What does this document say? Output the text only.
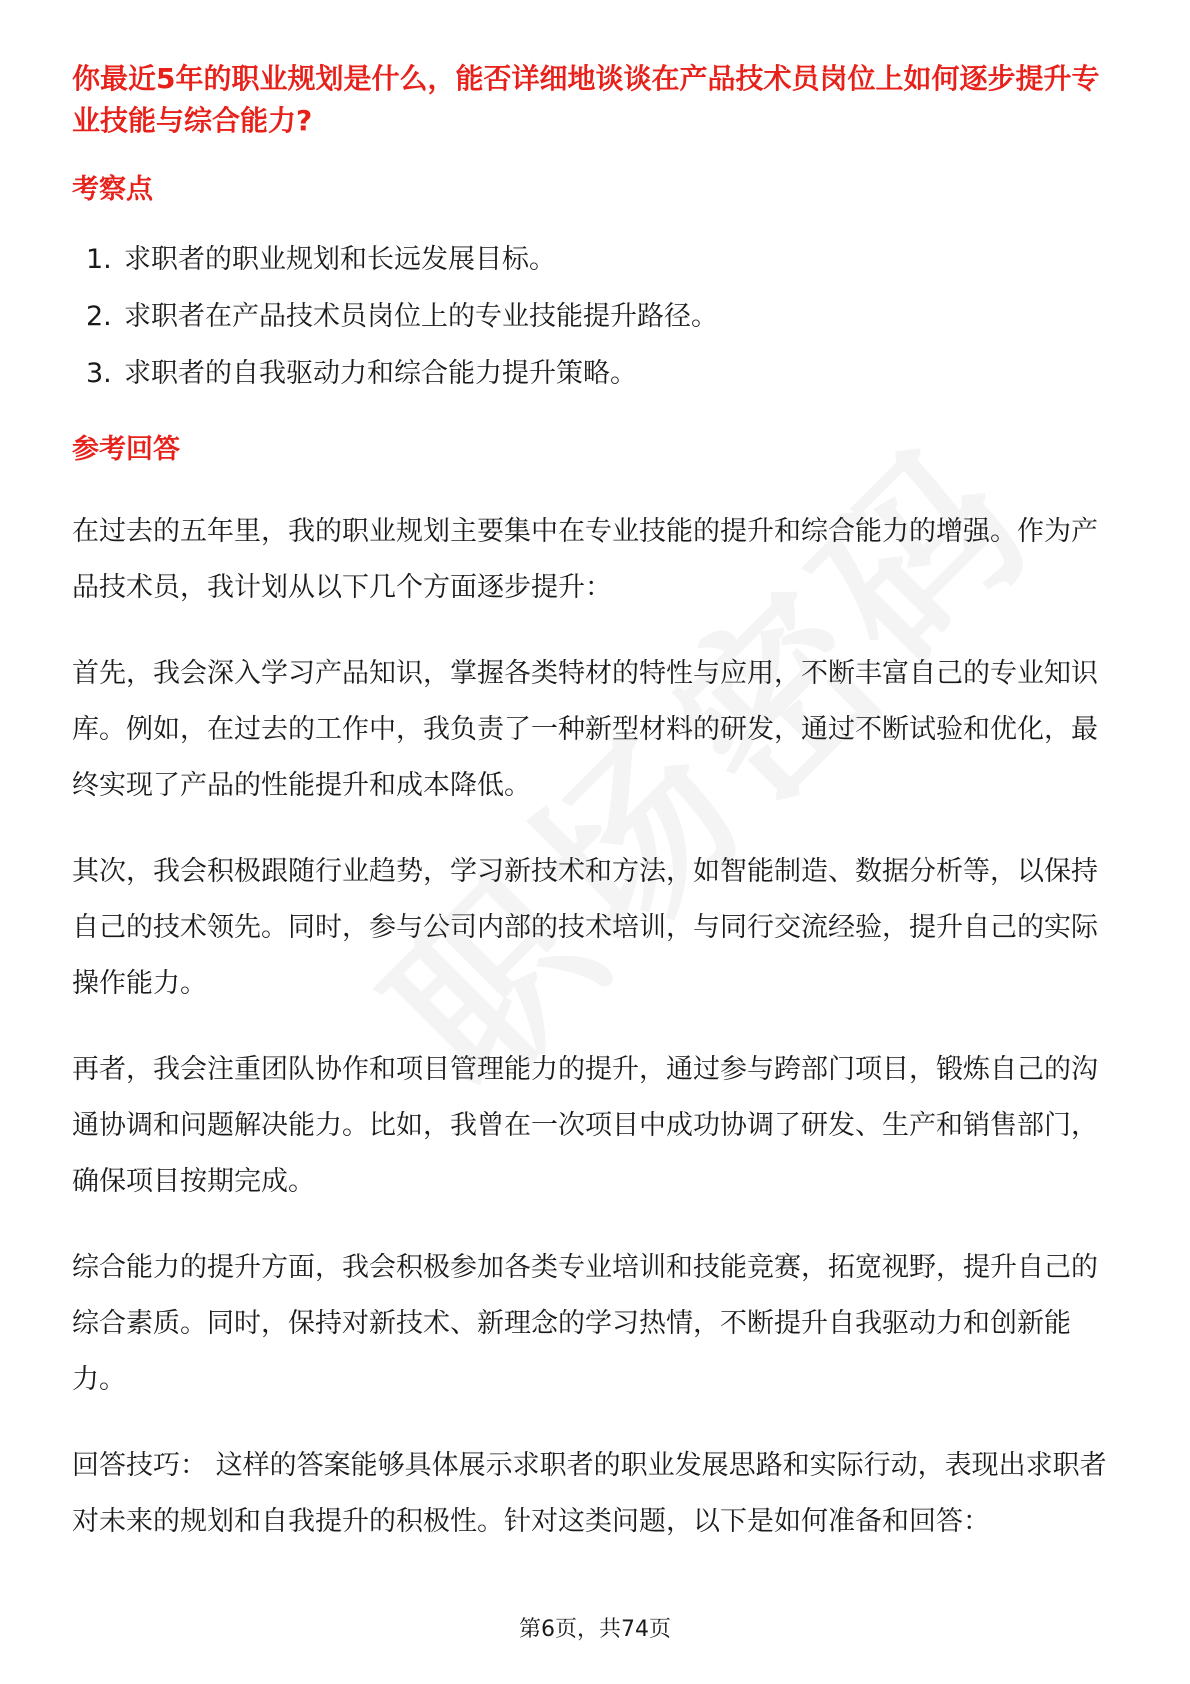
你最近5年的职业规划是什么，能否详细地谈谈在产品技术员岗位上如何逐步提升专业技能与综合能力?

考察点

1. 求职者的职业规划和长远发展目标。
2. 求职者在产品技术员岗位上的专业技能提升路径。
3. 求职者的自我驱动力和综合能力提升策略。

参考回答

在过去的五年里，我的职业规划主要集中在专业技能的提升和综合能力的增强。作为产品技术员，我计划从以下几个方面逐步提升：

首先，我会深入学习产品知识，掌握各类特材的特性与应用，不断丰富自己的专业知识库。例如，在过去的工作中，我负责了一种新型材料的研发，通过不断试验和优化，最终实现了产品的性能提升和成本降低。

其次，我会积极跟随行业趋势，学习新技术和方法，如智能制造、数据分析等，以保持自己的技术领先。同时，参与公司内部的技术培训，与同行交流经验，提升自己的实际操作能力。

再者，我会注重团队协作和项目管理能力的提升，通过参与跨部门项目，锻炼自己的沟通协调和问题解决能力。比如，我曾在一次项目中成功协调了研发、生产和销售部门，确保项目按期完成。

综合能力的提升方面，我会积极参加各类专业培训和技能竞赛，拓宽视野，提升自己的综合素质。同时，保持对新技术、新理念的学习热情，不断提升自我驱动力和创新能力。

回答技巧： 这样的答案能够具体展示求职者的职业发展思路和实际行动，表现出求职者对未来的规划和自我提升的积极性。针对这类问题，以下是如何准备和回答：

第6页，共74页
